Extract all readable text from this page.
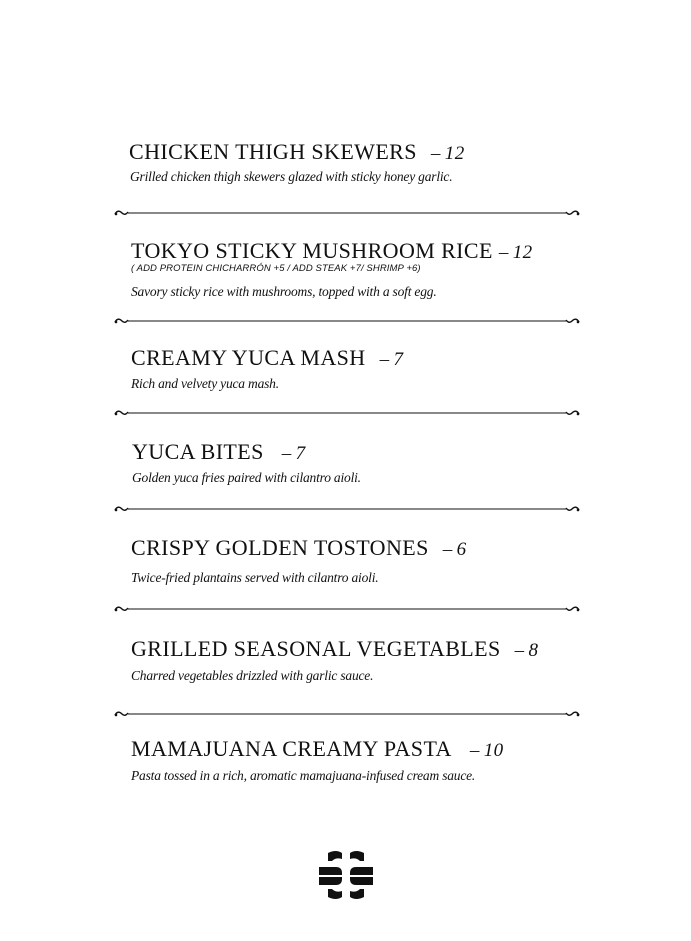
CHICKEN THIGH SKEWERS – 12
Grilled chicken thigh skewers glazed with sticky honey garlic.
TOKYO STICKY MUSHROOM RICE – 12
( ADD PROTEIN CHICHARRÓN +5 / ADD STEAK +7/ SHRIMP +6)
Savory sticky rice with mushrooms, topped with a soft egg.
CREAMY YUCA MASH – 7
Rich and velvety yuca mash.
YUCA BITES – 7
Golden yuca fries paired with cilantro aioli.
CRISPY GOLDEN TOSTONES – 6
Twice-fried plantains served with cilantro aioli.
GRILLED SEASONAL VEGETABLES – 8
Charred vegetables drizzled with garlic sauce.
MAMAJUANA CREAMY PASTA – 10
Pasta tossed in a rich, aromatic mamajuana-infused cream sauce.
